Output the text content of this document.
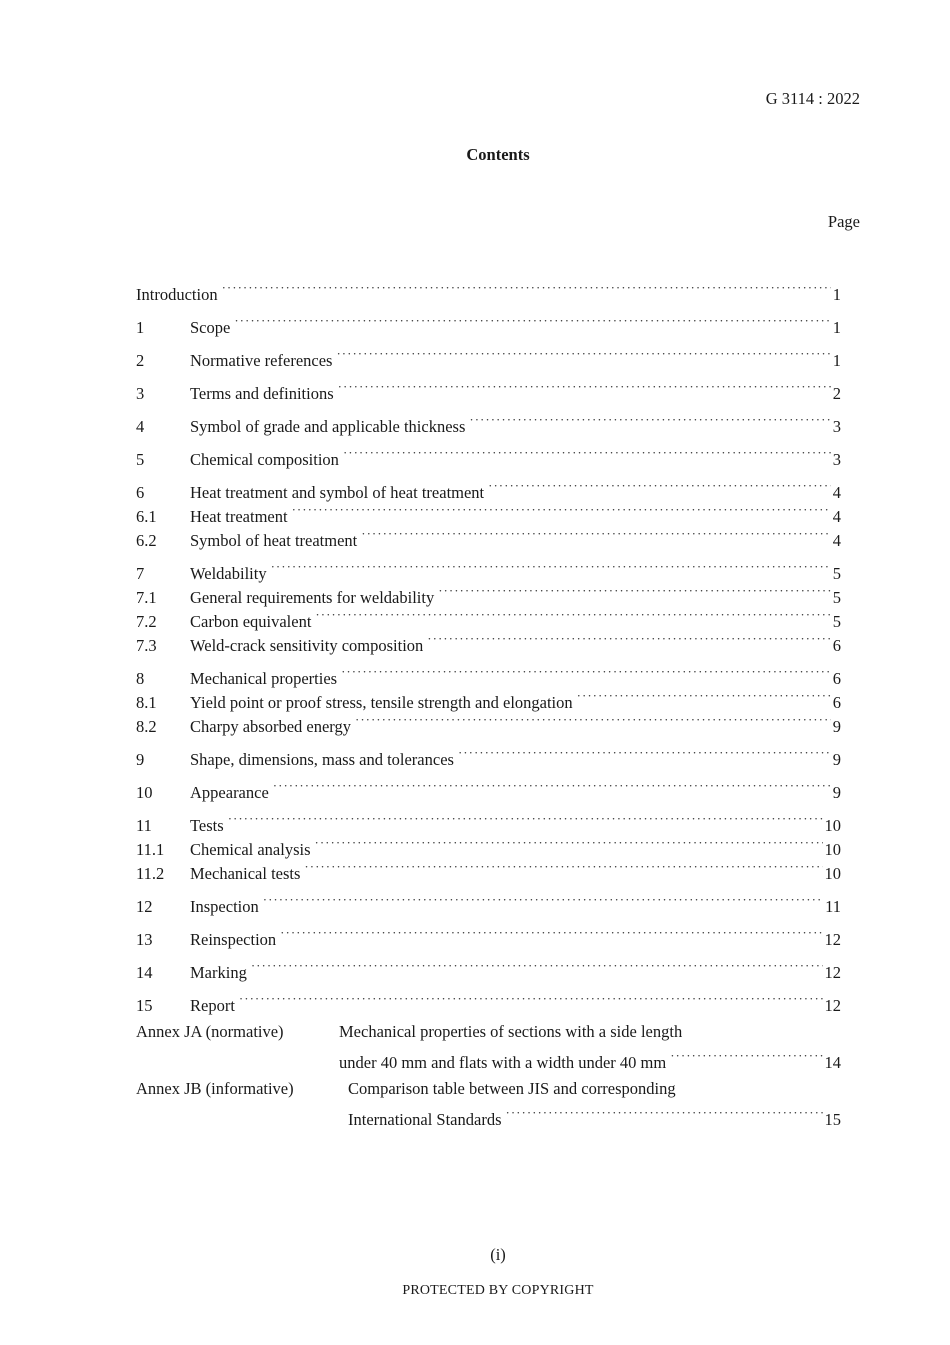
G 3114 : 2022
Contents
Page
Introduction ·····	1
1	Scope ·····	1
2	Normative references ·····	1
3	Terms and definitions ·····	2
4	Symbol of grade and applicable thickness ·····	3
5	Chemical composition ·····	3
6	Heat treatment and symbol of heat treatment ·····	4
6.1	Heat treatment ·····	4
6.2	Symbol of heat treatment ·····	4
7	Weldability ·····	5
7.1	General requirements for weldability ·····	5
7.2	Carbon equivalent ·····	5
7.3	Weld-crack sensitivity composition ·····	6
8	Mechanical properties ·····	6
8.1	Yield point or proof stress, tensile strength and elongation ·····	6
8.2	Charpy absorbed energy ·····	9
9	Shape, dimensions, mass and tolerances ·····	9
10	Appearance ·····	9
11	Tests ·····	10
11.1	Chemical analysis ·····	10
11.2	Mechanical tests ·····	10
12	Inspection ·····	11
13	Reinspection ·····	12
14	Marking ·····	12
15	Report ·····	12
Annex JA (normative)	Mechanical properties of sections with a side length
under 40 mm and flats with a width under 40 mm ·····	14
Annex JB (informative)	Comparison table between JIS and corresponding
International Standards ·····	15
(i)
PROTECTED BY COPYRIGHT
